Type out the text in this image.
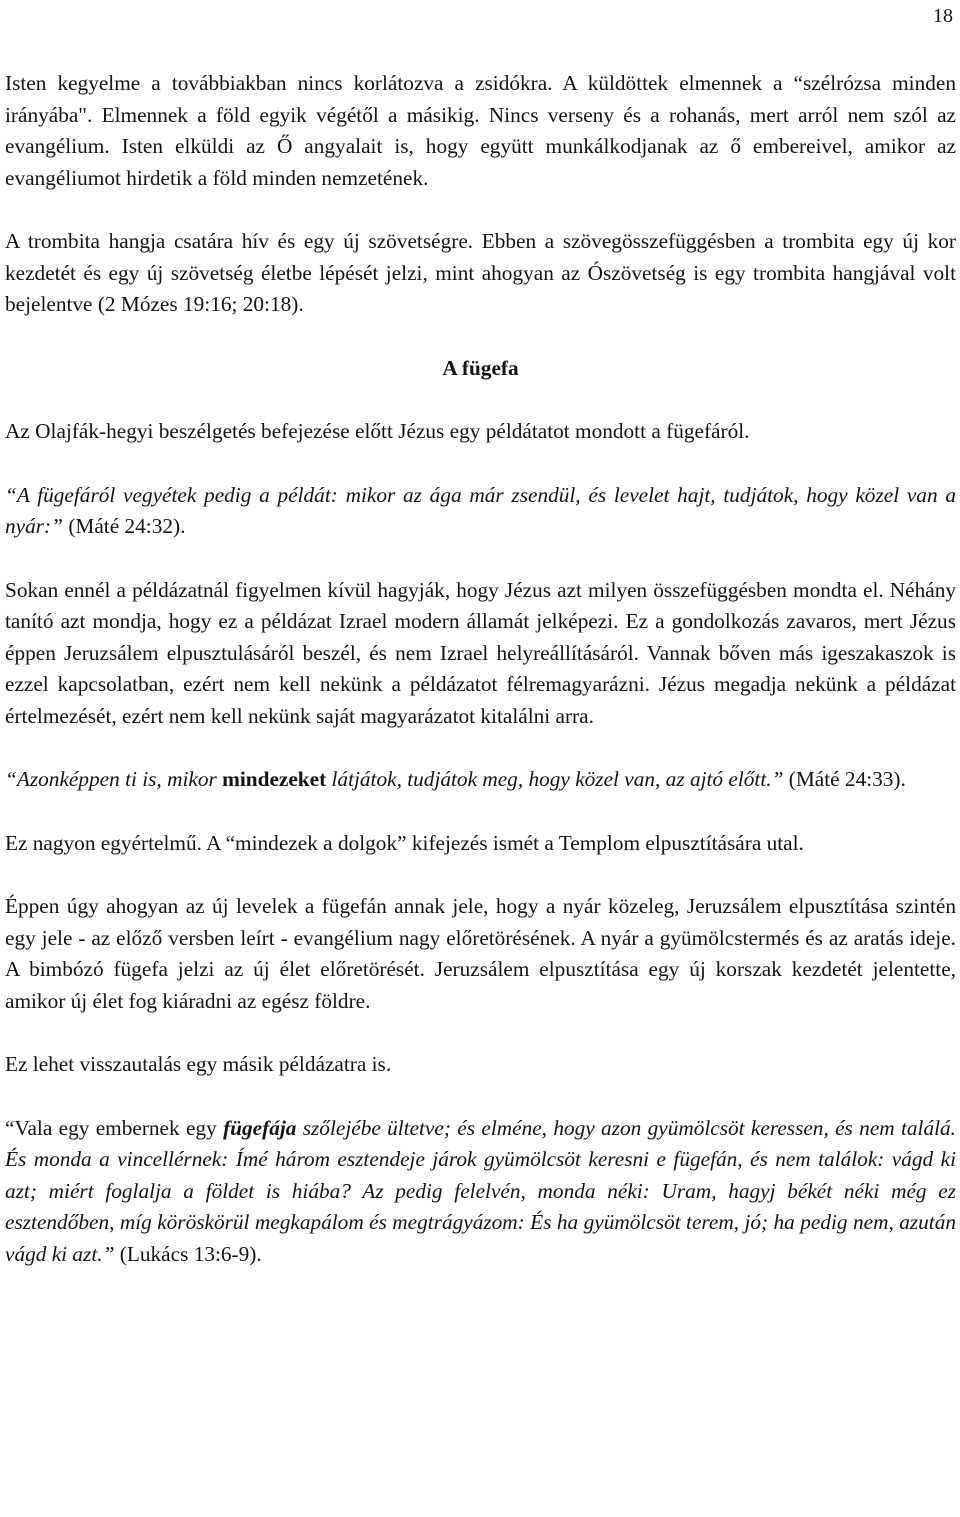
18

Isten kegyelme a továbbiakban nincs korlátozva a zsidókra. A küldöttek elmennek a “szélrózsa minden irányába". Elmennek a föld egyik végétől a másikig. Nincs verseny és a rohanás, mert arról nem szól az evangélium. Isten elküldi az Ő angyalait is, hogy együtt munkálkodjanak az ő embereivel, amikor az evangéliumot hirdetik a föld minden nemzetének.

A trombita hangja csatára hív és egy új szövetségre. Ebben a szövegösszefüggésben a trombita egy új kor kezdetét és egy új szövetség életbe lépését jelzi, mint ahogyan az Ószövetség is egy trombita hangjával volt bejelentve (2 Mózes 19:16; 20:18).

A fügefa

Az Olajfák-hegyi beszélgetés befejezése előtt Jézus egy példátatot mondott a fügefáról.

“A fügefáról vegyétek pedig a példát: mikor az ága már zsendül, és levelet hajt, tudjátok, hogy közel van a nyár:” (Máté 24:32).

Sokan ennél a példázatnál figyelmen kívül hagyják, hogy Jézus azt milyen összefüggésben mondta el. Néhány tanító azt mondja, hogy ez a példázat Izrael modern államát jelképezi. Ez a gondolkozás zavaros, mert Jézus éppen Jeruzsálem elpusztulásáról beszél, és nem Izrael helyreállításáról. Vannak bőven más igeszakaszok is ezzel kapcsolatban, ezért nem kell nekünk a példázatot félremagyarázni. Jézus megadja nekünk a példázat értelmezését, ezért nem kell nekünk saját magyarázatot kitalálni arra.

“Azonképpen ti is, mikor mindezeket látjátok, tudjátok meg, hogy közel van, az ajtó előtt.” (Máté 24:33).

Ez nagyon egyértelmű. A “mindezek a dolgok” kifejezés ismét a Templom elpusztítására utal.

Éppen úgy ahogyan az új levelek a fügefán annak jele, hogy a nyár közeleg, Jeruzsálem elpusztítása szintén egy jele - az előző versben leírt - evangélium nagy előretörésének. A nyár a gyümölcstermés és az aratás ideje. A bimbózó fügefa jelzi az új élet előretörését. Jeruzsálem elpusztítása egy új korszak kezdetét jelentette, amikor új élet fog kiáradni az egész földre.

Ez lehet visszautalás egy másik példázatra is.

“Vala egy embernek egy fügefája szőlejébe ültetve; és elméne, hogy azon gyümölcsöt keressen, és nem találá. És monda a vincellérnek: Ímé három esztendeje járok gyümölcsöt keresni e fügefán, és nem találok: vágd ki azt; miért foglalja a földet is hiába? Az pedig felelvén, monda néki: Uram, hagyj békét néki még ez esztendőben, míg köröskörül megkapálom és megtrágyázom: És ha gyümölcsöt terem, jó; ha pedig nem, azután vágd ki azt.” (Lukács 13:6-9).
